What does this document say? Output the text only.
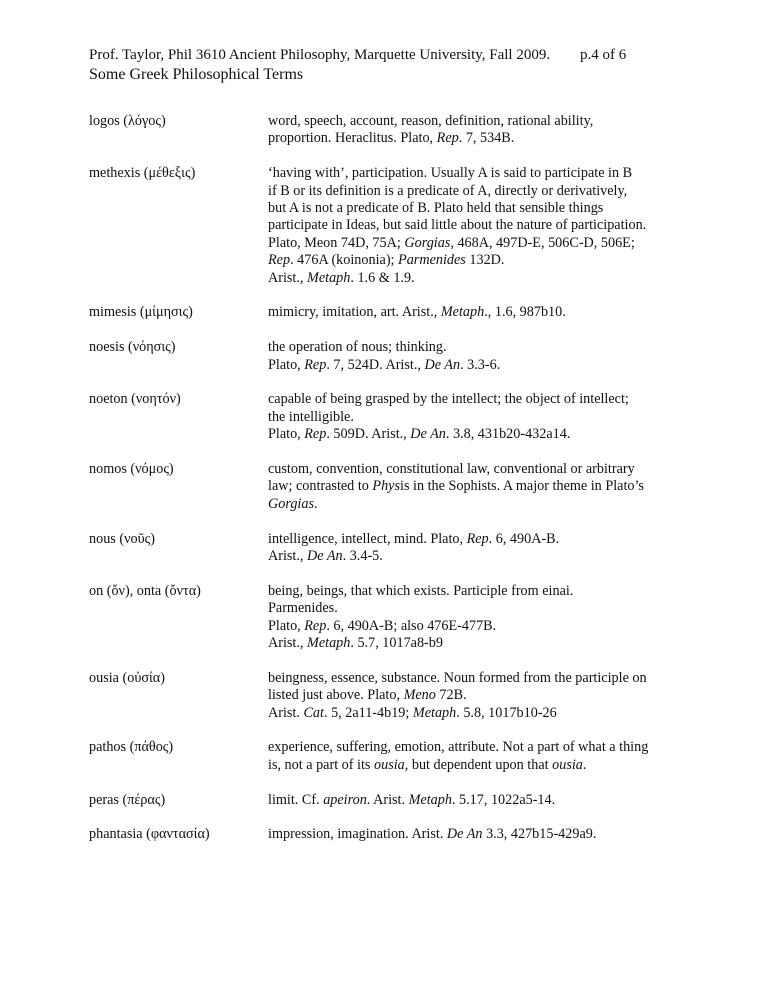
Prof. Taylor, Phil 3610 Ancient Philosophy, Marquette University, Fall 2009. p.4 of 6
Some Greek Philosophical Terms
logos (λόγος)	word, speech, account, reason, definition, rational ability,
proportion. Heraclitus. Plato, Rep. 7, 534B.
methexis (μέθεξις)	‘having with’, participation. Usually A is said to participate in B
if B or its definition is a predicate of A, directly or derivatively,
but A is not a predicate of B. Plato held that sensible things
participate in Ideas, but said little about the nature of participation.
Plato, Meon 74D, 75A; Gorgias, 468A, 497D-E, 506C-D, 506E;
Rep. 476A (koinonia); Parmenides 132D.
Arist., Metaph. 1.6 & 1.9.
mimesis (μίμησις)	mimicry, imitation, art. Arist., Metaph., 1.6, 987b10.
noesis (νόησις)	the operation of nous; thinking.
Plato, Rep. 7, 524D. Arist., De An. 3.3-6.
noeton (νοητόν)	capable of being grasped by the intellect; the object of intellect;
the intelligible.
Plato, Rep. 509D. Arist., De An. 3.8, 431b20-432a14.
nomos (νόμος)	custom, convention, constitutional law, conventional or arbitrary
law; contrasted to Physis in the Sophists. A major theme in Plato’s
Gorgias.
nous (νοῦς)	intelligence, intellect, mind. Plato, Rep. 6, 490A-B.
Arist., De An. 3.4-5.
on (ὄν), onta (ὄντα)	being, beings, that which exists. Participle from einai.
Parmenides.
Plato, Rep. 6, 490A-B; also 476E-477B.
Arist., Metaph. 5.7, 1017a8-b9
ousia (οὐσία)	beingness, essence, substance. Noun formed from the participle on
listed just above. Plato, Meno 72B.
Arist. Cat. 5, 2a11-4b19; Metaph. 5.8, 1017b10-26
pathos (πάθος)	experience, suffering, emotion, attribute. Not a part of what a thing
is, not a part of its ousia, but dependent upon that ousia.
peras (πέρας)	limit. Cf. apeiron. Arist. Metaph. 5.17, 1022a5-14.
phantasia (φαντασία)	impression, imagination. Arist. De An 3.3, 427b15-429a9.
